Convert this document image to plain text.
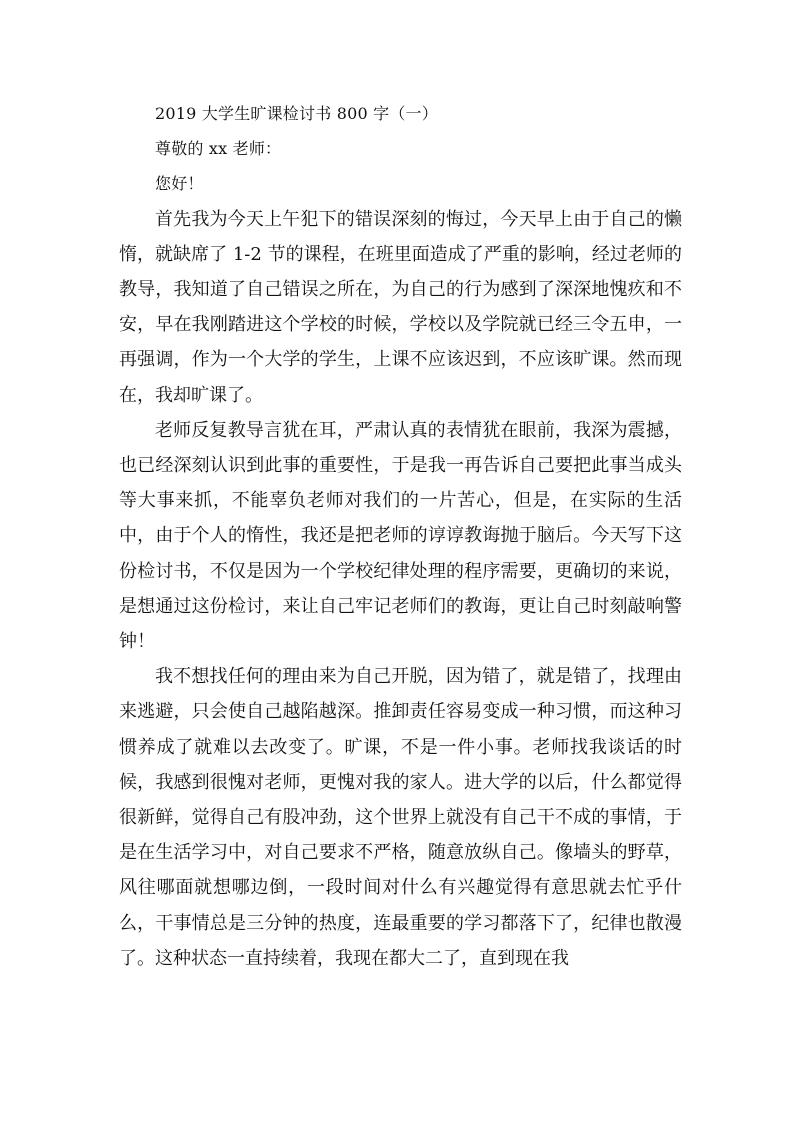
2019 大学生旷课检讨书 800 字（一）

尊敬的 xx 老师：

您好！

首先我为今天上午犯下的错误深刻的悔过，今天早上由于自己的懒惰，就缺席了 1-2 节的课程，在班里面造成了严重的影响，经过老师的教导，我知道了自己错误之所在，为自己的行为感到了深深地愧疚和不安，早在我刚踏进这个学校的时候，学校以及学院就已经三令五申，一再强调，作为一个大学的学生，上课不应该迟到，不应该旷课。然而现在，我却旷课了。

老师反复教导言犹在耳，严肃认真的表情犹在眼前，我深为震撼，也已经深刻认识到此事的重要性，于是我一再告诉自己要把此事当成头等大事来抓，不能辜负老师对我们的一片苦心，但是，在实际的生活中，由于个人的惰性，我还是把老师的谆谆教诲抛于脑后。今天写下这份检讨书，不仅是因为一个学校纪律处理的程序需要，更确切的来说，是想通过这份检讨，来让自己牢记老师们的教诲，更让自己时刻敲响警钟！

我不想找任何的理由来为自己开脱，因为错了，就是错了，找理由来逃避，只会使自己越陷越深。推卸责任容易变成一种习惯，而这种习惯养成了就难以去改变了。旷课，不是一件小事。老师找我谈话的时候，我感到很愧对老师，更愧对我的家人。进大学的以后，什么都觉得很新鲜，觉得自己有股冲劲，这个世界上就没有自己干不成的事情，于是在生活学习中，对自己要求不严格，随意放纵自己。像墙头的野草，风往哪面就想哪边倒，一段时间对什么有兴趣觉得有意思就去忙乎什么，干事情总是三分钟的热度，连最重要的学习都落下了，纪律也散漫了。这种状态一直持续着，我现在都大二了，直到现在我
